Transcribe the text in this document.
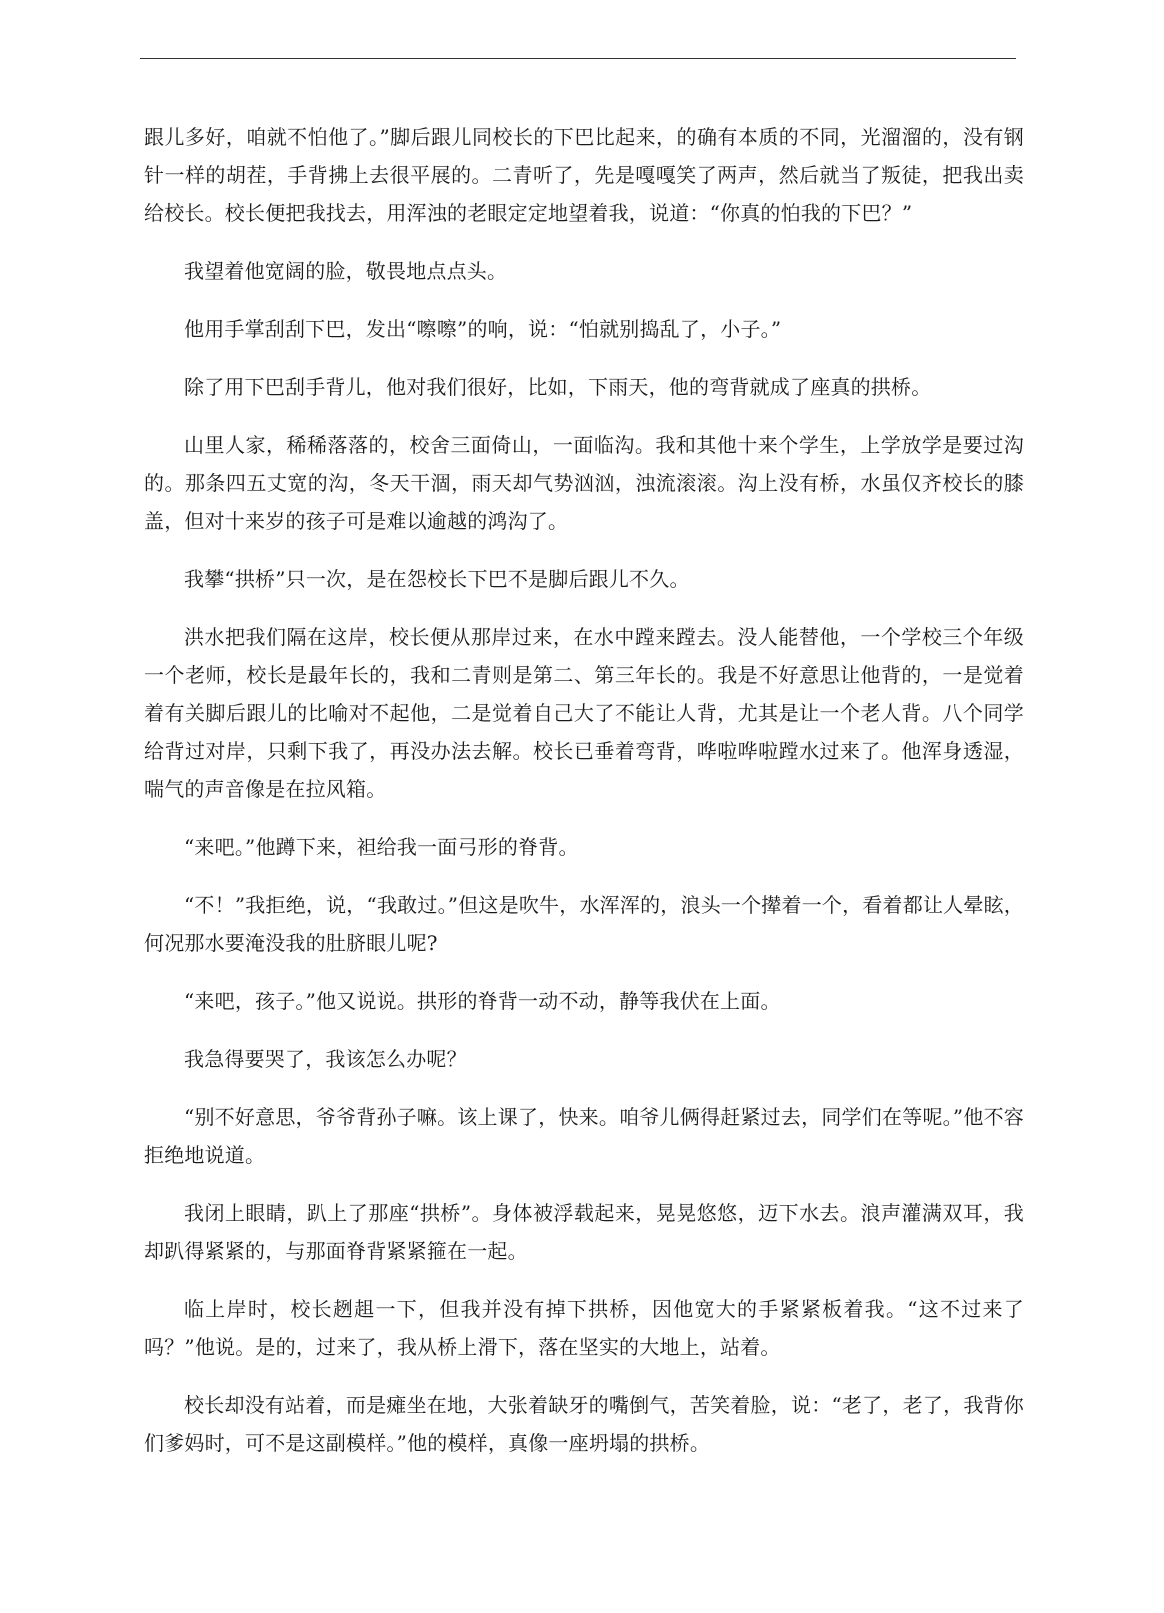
跟儿多好，咱就不怕他了。”脚后跟儿同校长的下巴比起来，的确有本质的不同，光溜溜的，没有钢针一样的胡茬，手背拂上去很平展的。二青听了，先是嘎嘎笑了两声，然后就当了叛徒，把我出卖给校长。校长便把我找去，用浑浊的老眼定定地望着我，说道：“你真的怕我的下巴？”

我望着他宽阔的脸，敬畏地点点头。

他用手掌刮刮下巴，发出“嚓嚓”的响，说：“怕就别捣乱了，小子。”

除了用下巴刮手背儿，他对我们很好，比如，下雨天，他的弯背就成了座真的拱桥。

山里人家，稀稀落落的，校舍三面倚山，一面临沟。我和其他十来个学生，上学放学是要过沟的。那条四五丈宽的沟，冬天干涸，雨天却气势汹汹，浊流滚滚。沟上没有桥，水虽仅齐校长的膝盖，但对十来岁的孩子可是难以逾越的鸿沟了。

我攀“拱桥”只一次，是在怨校长下巴不是脚后跟儿不久。

洪水把我们隔在这岸，校长便从那岸过来，在水中蹚来蹚去。没人能替他，一个学校三个年级一个老师，校长是最年长的，我和二青则是第二、第三年长的。我是不好意思让他背的，一是觉着着有关脚后跟儿的比喻对不起他，二是觉着自己大了不能让人背，尤其是让一个老人背。八个同学给背过对岸，只剩下我了，再没办法去解。校长已垂着弯背，哗啦哗啦蹚水过来了。他浑身透湿，喘气的声音像是在拉风箱。

“来吧。”他蹲下来，袒给我一面弓形的脊背。

“不！”我拒绝，说，“我敢过。”但这是吹牛，水浑浑的，浪头一个撵着一个，看着都让人晕眩，何况那水要淹没我的肚脐眼儿呢?

“来吧，孩子。”他又说说。拱形的脊背一动不动，静等我伏在上面。

我急得要哭了，我该怎么办呢？

“别不好意思，爷爷背孙子嘛。该上课了，快来。咱爷儿俩得赶紧过去，同学们在等呢。”他不容拒绝地说道。

我闭上眼睛，趴上了那座“拱桥”。身体被浮载起来，晃晃悠悠，迈下水去。浪声灌满双耳，我却趴得紧紧的，与那面脊背紧紧箍在一起。

临上岸时，校长趔趄一下，但我并没有掉下拱桥，因他宽大的手紧紧板着我。“这不过来了吗？”他说。是的，过来了，我从桥上滑下，落在坚实的大地上，站着。

校长却没有站着，而是瘫坐在地，大张着缺牙的嘴倒气，苦笑着脸，说：“老了，老了，我背你们爹妈时，可不是这副模样。”他的模样，真像一座坍塌的拱桥。
